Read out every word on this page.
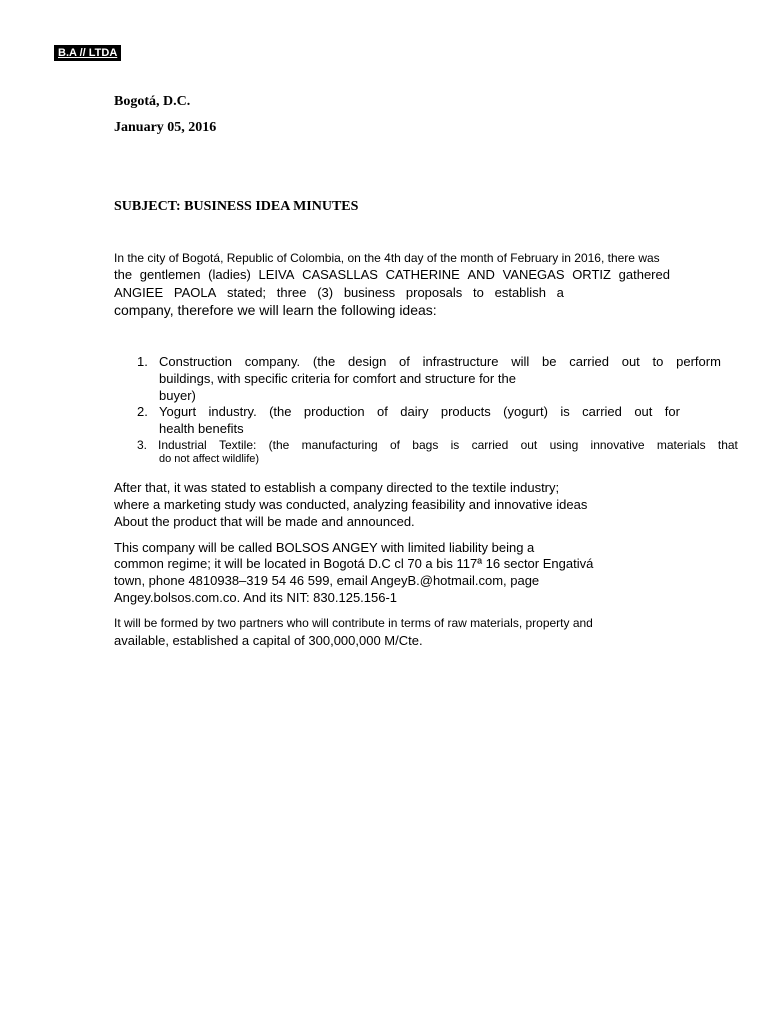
B.A // LTDA
Bogotá, D.C.
January 05, 2016
SUBJECT: BUSINESS IDEA MINUTES
In the city of Bogotá, Republic of Colombia, on the 4th day of the month of February in 2016, there was
the gentlemen (ladies) LEIVA CASASLLAS CATHERINE AND VANEGAS ORTIZ gathered
ANGIEE PAOLA stated; three (3) business proposals to establish a
company, therefore we will learn the following ideas:
1. Construction company. (the design of infrastructure will be carried out to perform
buildings, with specific criteria for comfort and structure for the
buyer)
2. Yogurt industry. (the production of dairy products (yogurt) is carried out for
health benefits
3. Industrial Textile: (the manufacturing of bags is carried out using innovative materials that
do not affect wildlife)
After that, it was stated to establish a company directed to the textile industry;
where a marketing study was conducted, analyzing feasibility and innovative ideas
About the product that will be made and announced.
This company will be called BOLSOS ANGEY with limited liability being a
common regime; it will be located in Bogotá D.C cl 70 a bis 117ª 16 sector Engativá
town, phone 4810938–319 54 46 599, email AngeyB.@hotmail.com, page
Angey.bolsos.com.co. And its NIT: 830.125.156-1
It will be formed by two partners who will contribute in terms of raw materials, property and
available, established a capital of 300,000,000 M/Cte.
